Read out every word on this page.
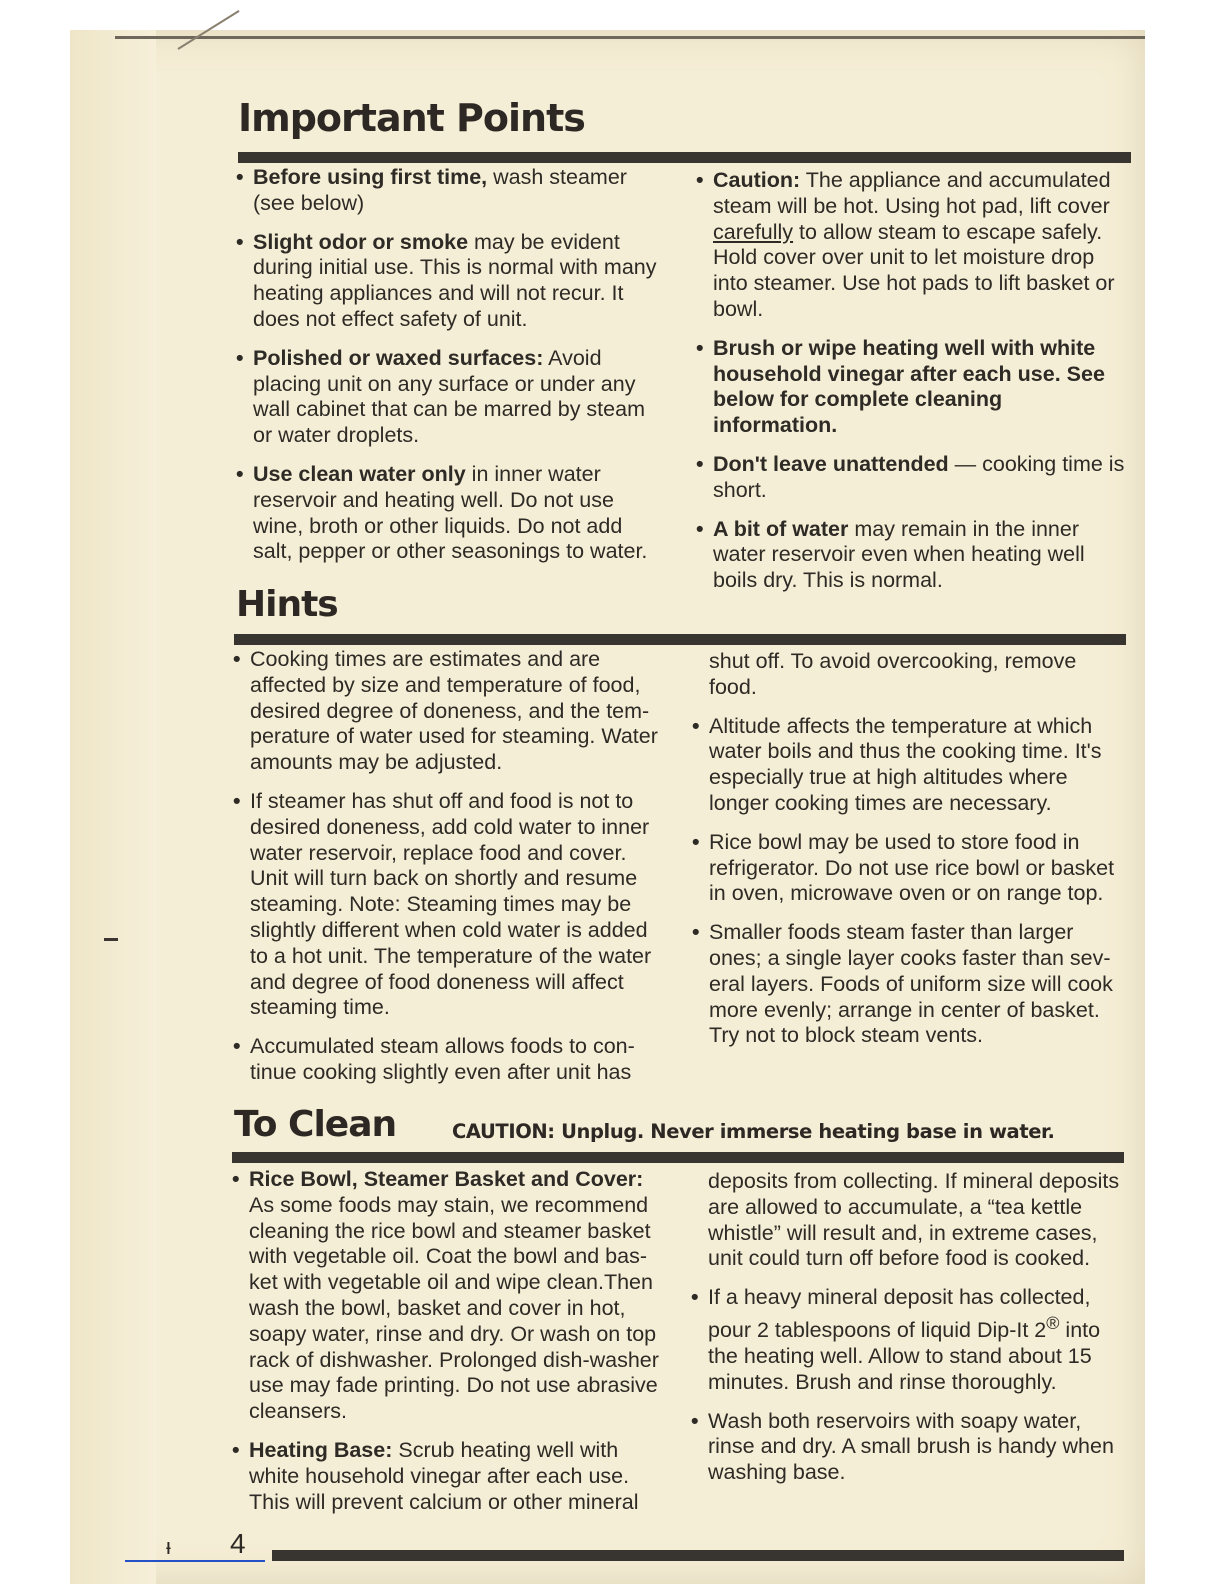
Important Points
• Before using first time, wash steamer (see below)
• Slight odor or smoke may be evident during initial use. This is normal with many heating appliances and will not recur. It does not effect safety of unit.
• Polished or waxed surfaces: Avoid placing unit on any surface or under any wall cabinet that can be marred by steam or water droplets.
• Use clean water only in inner water reservoir and heating well. Do not use wine, broth or other liquids. Do not add salt, pepper or other seasonings to water.
• Caution: The appliance and accumulated steam will be hot. Using hot pad, lift cover carefully to allow steam to escape safely. Hold cover over unit to let moisture drop into steamer. Use hot pads to lift basket or bowl.
• Brush or wipe heating well with white household vinegar after each use. See below for complete cleaning information.
• Don't leave unattended — cooking time is short.
• A bit of water may remain in the inner water reservoir even when heating well boils dry. This is normal.
Hints
• Cooking times are estimates and are affected by size and temperature of food, desired degree of doneness, and the tem-perature of water used for steaming. Water amounts may be adjusted.
• If steamer has shut off and food is not to desired doneness, add cold water to inner water reservoir, replace food and cover. Unit will turn back on shortly and resume steaming. Note: Steaming times may be slightly different when cold water is added to a hot unit. The temperature of the water and degree of food doneness will affect steaming time.
• Accumulated steam allows foods to con-tinue cooking slightly even after unit has
shut off. To avoid overcooking, remove food.
• Altitude affects the temperature at which water boils and thus the cooking time. It's especially true at high altitudes where longer cooking times are necessary.
• Rice bowl may be used to store food in refrigerator. Do not use rice bowl or basket in oven, microwave oven or on range top.
• Smaller foods steam faster than larger ones; a single layer cooks faster than sev-eral layers. Foods of uniform size will cook more evenly; arrange in center of basket. Try not to block steam vents.
To Clean	CAUTION: Unplug. Never immerse heating base in water.
• Rice Bowl, Steamer Basket and Cover: As some foods may stain, we recommend cleaning the rice bowl and steamer basket with vegetable oil. Coat the bowl and bas-ket with vegetable oil and wipe clean.Then wash the bowl, basket and cover in hot, soapy water, rinse and dry. Or wash on top rack of dishwasher. Prolonged dish-washer use may fade printing. Do not use abrasive cleansers.
• Heating Base: Scrub heating well with white household vinegar after each use. This will prevent calcium or other mineral
deposits from collecting. If mineral deposits are allowed to accumulate, a “tea kettle whistle” will result and, in extreme cases, unit could turn off before food is cooked.
• If a heavy mineral deposit has collected, pour 2 tablespoons of liquid Dip-It 2® into the heating well. Allow to stand about 15 minutes. Brush and rinse thoroughly.
• Wash both reservoirs with soapy water, rinse and dry. A small brush is handy when washing base.
ᵻ 4
